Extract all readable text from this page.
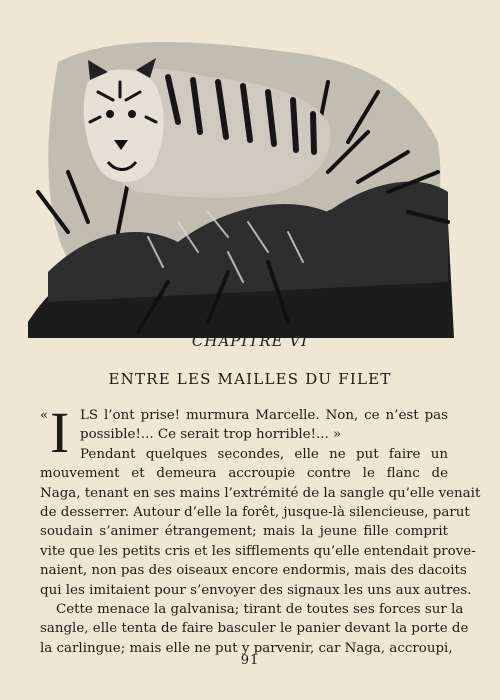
CHAPITRE VI
ENTRE LES MAILLES DU FILET
« I LS l’ont prise! murmura Marcelle. Non, ce n’est pas
possible!... Ce serait trop horrible!... »
Pendant quelques secondes, elle ne put faire un
mouvement et demeura accroupie contre le flanc de
Naga, tenant en ses mains l’extrémité de la sangle qu’elle venait
de desserrer. Autour d’elle la forêt, jusque-là silencieuse, parut
soudain s’animer étrangement; mais la jeune fille comprit
vite que les petits cris et les sifflements qu’elle entendait prove-
naient, non pas des oiseaux encore endormis, mais des dacoits
qui les imitaient pour s’envoyer des signaux les uns aux autres.
Cette menace la galvanisa; tirant de toutes ses forces sur la
sangle, elle tenta de faire basculer le panier devant la porte de
la carlingue; mais elle ne put y parvenir, car Naga, accroupi,
91
